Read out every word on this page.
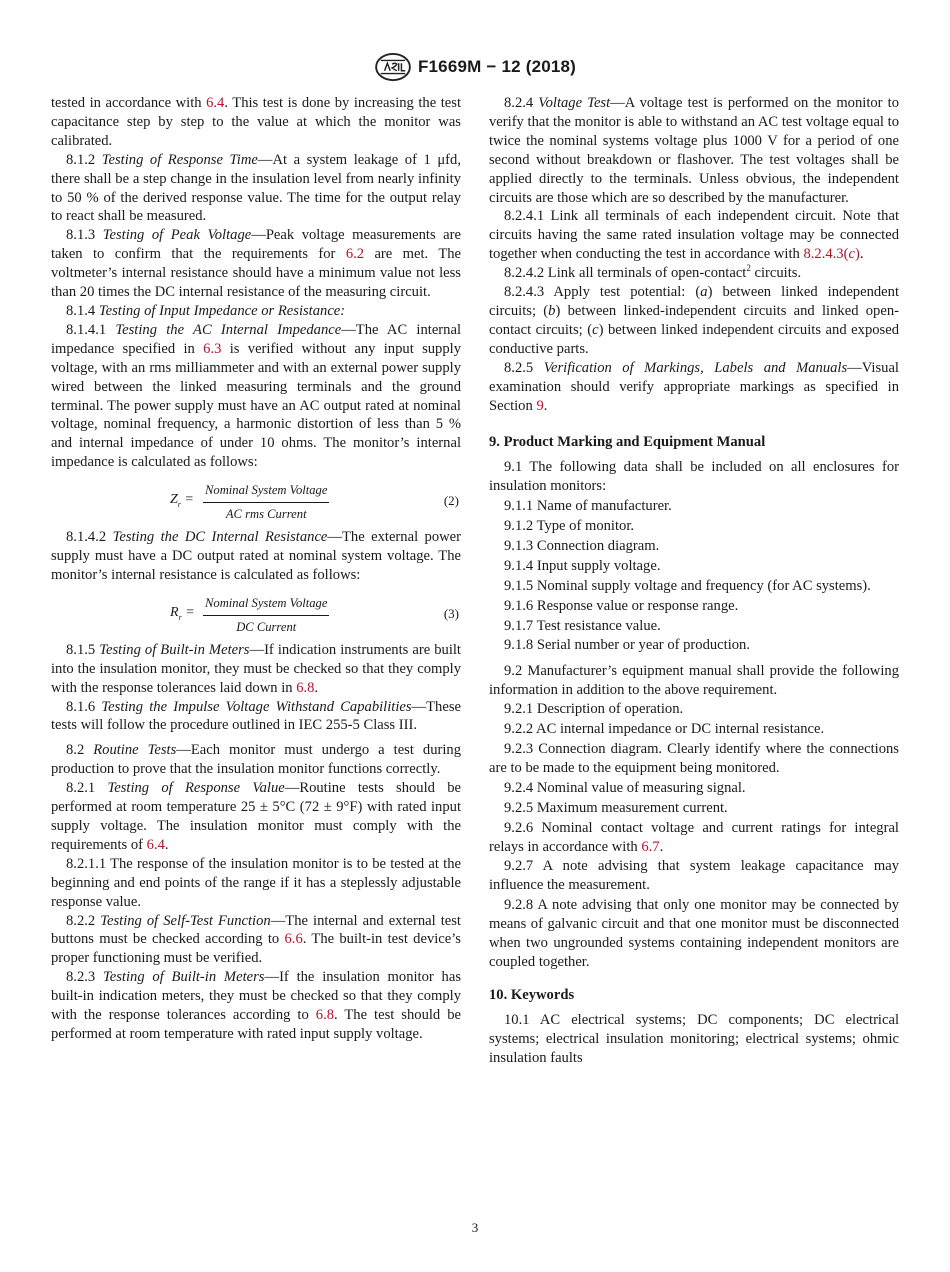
F1669M − 12 (2018)

tested in accordance with 6.4. This test is done by increasing the test capacitance step by step to the value at which the monitor was calibrated.

8.1.2 Testing of Response Time—At a system leakage of 1 μfd, there shall be a step change in the insulation level from nearly infinity to 50 % of the derived response value. The time for the output relay to react shall be measured.

8.1.3 Testing of Peak Voltage—Peak voltage measurements are taken to confirm that the requirements for 6.2 are met. The voltmeter’s internal resistance should have a minimum value not less than 20 times the DC internal resistance of the measuring circuit.

8.1.4 Testing of Input Impedance or Resistance:

8.1.4.1 Testing the AC Internal Impedance—The AC internal impedance specified in 6.3 is verified without any input supply voltage, with an rms milliammeter and with an external power supply wired between the linked measuring terminals and the ground terminal. The power supply must have an AC output rated at nominal voltage, nominal frequency, a harmonic distortion of less than 5 % and internal impedance of under 10 ohms. The monitor’s internal impedance is calculated as follows:

$Z_r = \frac{\text{Nominal System Voltage}}{\text{AC rms Current}}$	(2)

8.1.4.2 Testing the DC Internal Resistance—The external power supply must have a DC output rated at nominal system voltage. The monitor’s internal resistance is calculated as follows:

$R_r = \frac{\text{Nominal System Voltage}}{\text{DC Current}}$	(3)

8.1.5 Testing of Built-in Meters—If indication instruments are built into the insulation monitor, they must be checked so that they comply with the response tolerances laid down in 6.8.

8.1.6 Testing the Impulse Voltage Withstand Capabilities—These tests will follow the procedure outlined in IEC 255-5 Class III.

8.2 Routine Tests—Each monitor must undergo a test during production to prove that the insulation monitor functions correctly.

8.2.1 Testing of Response Value—Routine tests should be performed at room temperature 25 ± 5°C (72 ± 9°F) with rated input supply voltage. The insulation monitor must comply with the requirements of 6.4.

8.2.1.1 The response of the insulation monitor is to be tested at the beginning and end points of the range if it has a steplessly adjustable response value.

8.2.2 Testing of Self-Test Function—The internal and external test buttons must be checked according to 6.6. The built-in test device’s proper functioning must be verified.

8.2.3 Testing of Built-in Meters—If the insulation monitor has built-in indication meters, they must be checked so that they comply with the response tolerances according to 6.8. The test should be performed at room temperature with rated input supply voltage.

8.2.4 Voltage Test—A voltage test is performed on the monitor to verify that the monitor is able to withstand an AC test voltage equal to twice the nominal systems voltage plus 1000 V for a period of one second without breakdown or flashover. The test voltages shall be applied directly to the terminals. Unless obvious, the independent circuits are those which are so described by the manufacturer.

8.2.4.1 Link all terminals of each independent circuit. Note that circuits having the same rated insulation voltage may be connected together when conducting the test in accordance with 8.2.4.3(c).

8.2.4.2 Link all terminals of open-contact$^2$ circuits.

8.2.4.3 Apply test potential: (a) between linked independent circuits; (b) between linked-independent circuits and linked open-contact circuits; (c) between linked independent circuits and exposed conductive parts.

8.2.5 Verification of Markings, Labels and Manuals—Visual examination should verify appropriate markings as specified in Section 9.

9. Product Marking and Equipment Manual

9.1 The following data shall be included on all enclosures for insulation monitors:

9.1.1 Name of manufacturer.

9.1.2 Type of monitor.

9.1.3 Connection diagram.

9.1.4 Input supply voltage.

9.1.5 Nominal supply voltage and frequency (for AC systems).

9.1.6 Response value or response range.

9.1.7 Test resistance value.

9.1.8 Serial number or year of production.

9.2 Manufacturer’s equipment manual shall provide the following information in addition to the above requirement.

9.2.1 Description of operation.

9.2.2 AC internal impedance or DC internal resistance.

9.2.3 Connection diagram. Clearly identify where the connections are to be made to the equipment being monitored.

9.2.4 Nominal value of measuring signal.

9.2.5 Maximum measurement current.

9.2.6 Nominal contact voltage and current ratings for integral relays in accordance with 6.7.

9.2.7 A note advising that system leakage capacitance may influence the measurement.

9.2.8 A note advising that only one monitor may be connected by means of galvanic circuit and that one monitor must be disconnected when two ungrounded systems containing independent monitors are coupled together.

10. Keywords

10.1 AC electrical systems; DC components; DC electrical systems; electrical insulation monitoring; electrical systems; ohmic insulation faults

3
